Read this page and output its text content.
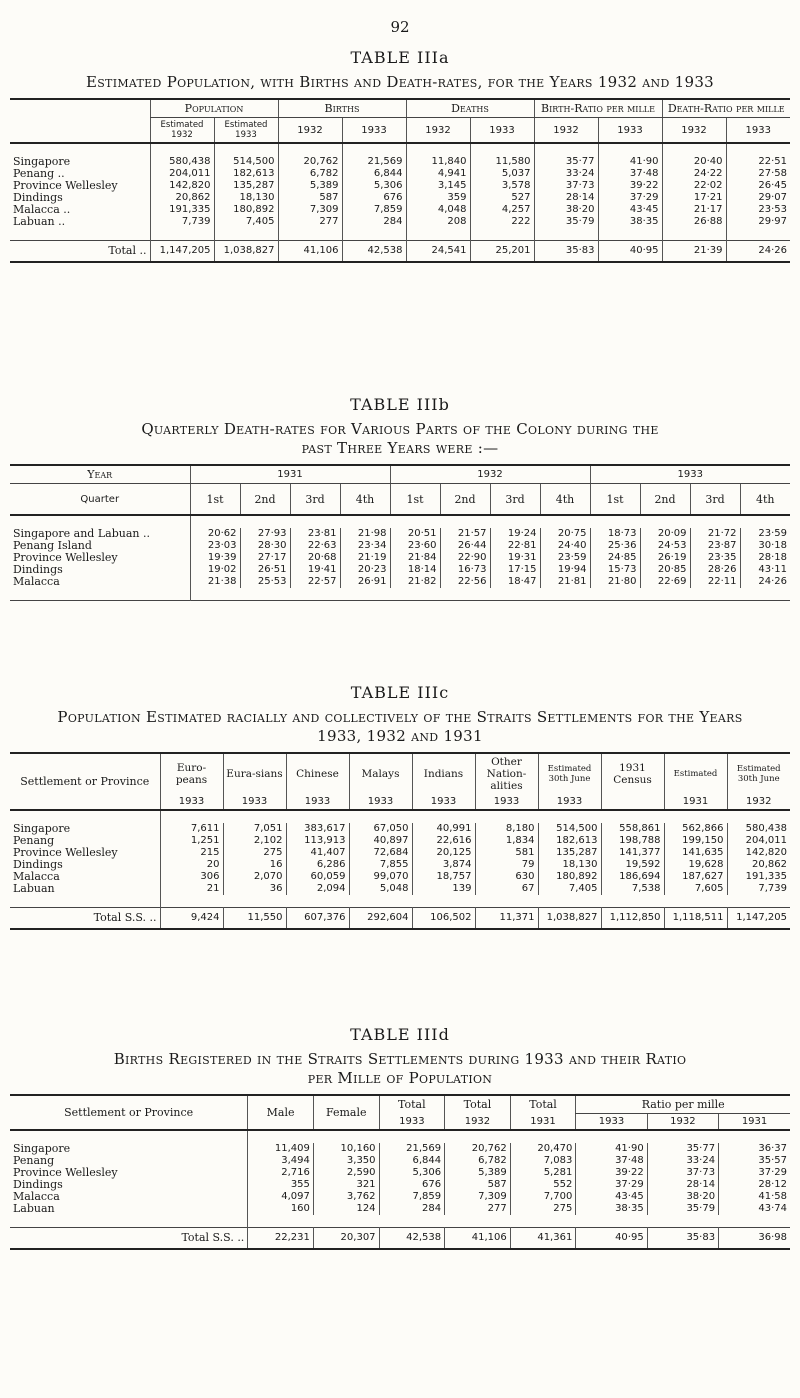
92
TABLE IIIa
Estimated Population, with Births and Death-rates, for the Years 1932 and 1933
	Population		Births		Deaths		Birth-Ratio per mille		Death-Ratio per mille	
	Estimated 1932	Estimated 1933	1932	1933	1932	1933	1932	1933	1932	1933

Singapore	580,438	514,500	20,762	21,569	11,840	11,580	35·77	41·90	20·40	22·51
Penang ..	204,011	182,613	6,782	6,844	4,941	5,037	33·24	37·48	24·22	27·58
Province Wellesley	142,820	135,287	5,389	5,306	3,145	3,578	37·73	39·22	22·02	26·45
Dindings	20,862	18,130	587	676	359	527	28·14	37·29	17·21	29·07
Malacca ..	191,335	180,892	7,309	7,859	4,048	4,257	38·20	43·45	21·17	23·53
Labuan ..	7,739	7,405	277	284	208	222	35·79	38·35	26·88	29·97

Total ..	1,147,205	1,038,827	41,106	42,538	24,541	25,201	35·83	40·95	21·39	24·26
TABLE IIIb
Quarterly Death-rates for Various Parts of the Colony during the
past Three Years were :—
Year	1931				1932				1933			
Quarter	1st	2nd	3rd	4th	1st	2nd	3rd	4th	1st	2nd	3rd	4th

Singapore and Labuan ..	20·62	27·93	23·81	21·98	20·51	21·57	19·24	20·75	18·73	20·09	21·72	23·59
Penang Island	23·03	28·30	22·63	23·34	23·60	26·44	22·81	24·40	25·36	24·53	23·87	30·18
Province Wellesley	19·39	27·17	20·68	21·19	21·84	22·90	19·31	23·59	24·85	26·19	23·35	28·18
Dindings	19·02	26·51	19·41	20·23	18·14	16·73	17·15	19·94	15·73	20·85	28·26	43·11
Malacca	21·38	25·53	22·57	26·91	21·82	22·56	18·47	21·81	21·80	22·69	22·11	24·26

TABLE IIIc
Population Estimated racially and collectively of the Straits Settlements for the Years
1933, 1932 and 1931
Settlement or Province	Euro-peans	Eura-sians	Chinese	Malays	Indians	Other Nation-alities	Estimated 30th June	1931 Census	Estimated	Estimated 30th June
	1933	1933	1933	1933	1933	1933	1933		1931	1932

Singapore	7,611	7,051	383,617	67,050	40,991	8,180	514,500	558,861	562,866	580,438
Penang	1,251	2,102	113,913	40,897	22,616	1,834	182,613	198,788	199,150	204,011
Province Wellesley	215	275	41,407	72,684	20,125	581	135,287	141,377	141,635	142,820
Dindings	20	16	6,286	7,855	3,874	79	18,130	19,592	19,628	20,862
Malacca	306	2,070	60,059	99,070	18,757	630	180,892	186,694	187,627	191,335
Labuan	21	36	2,094	5,048	139	67	7,405	7,538	7,605	7,739

Total S.S. ..	9,424	11,550	607,376	292,604	106,502	11,371	1,038,827	1,112,850	1,118,511	1,147,205
TABLE IIId
Births Registered in the Straits Settlements during 1933 and their Ratio
per Mille of Population
Settlement or Province	Male	Female	Total	Total	Total	Ratio per mille		
			1933	1932	1931	1933	1932	1931

Singapore	11,409	10,160	21,569	20,762	20,470	41·90	35·77	36·37
Penang	3,494	3,350	6,844	6,782	7,083	37·48	33·24	35·57
Province Wellesley	2,716	2,590	5,306	5,389	5,281	39·22	37·73	37·29
Dindings	355	321	676	587	552	37·29	28·14	28·12
Malacca	4,097	3,762	7,859	7,309	7,700	43·45	38·20	41·58
Labuan	160	124	284	277	275	38·35	35·79	43·74

Total S.S. ..	22,231	20,307	42,538	41,106	41,361	40·95	35·83	36·98
